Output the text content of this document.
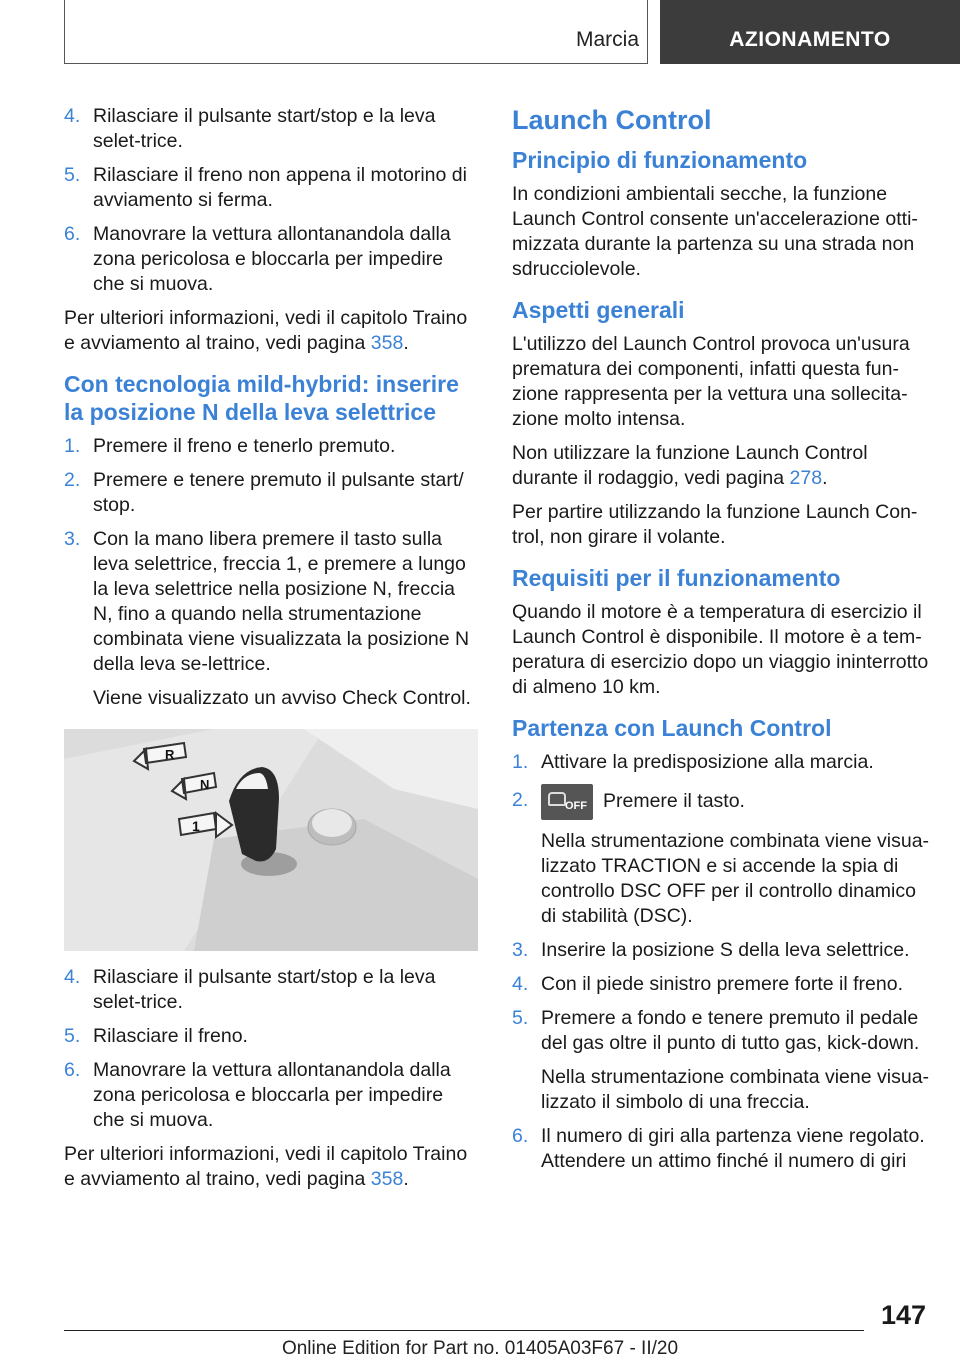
Marcia	AZIONAMENTO
4. Rilasciare il pulsante start/stop e la leva selet‐trice.
5. Rilasciare il freno non appena il motorino di avviamento si ferma.
6. Manovrare la vettura allontanandola dalla zona pericolosa e bloccarla per impedire che si muova.

Per ulteriori informazioni, vedi il capitolo Traino e avviamento al traino, vedi pagina 358.

Con tecnologia mild-hybrid: inserire la posizione N della leva selettrice
1. Premere il freno e tenerlo premuto.
2. Premere e tenere premuto il pulsante start/ stop.
3. Con la mano libera premere il tasto sulla leva selettrice, freccia 1, e premere a lungo la leva selettrice nella posizione N, freccia N, fino a quando nella strumentazione combinata viene visualizzata la posizione N della leva se‐lettrice.
Viene visualizzato un avviso Check Control.
R
N
1
4. Rilasciare il pulsante start/stop e la leva selet‐trice.
5. Rilasciare il freno.
6. Manovrare la vettura allontanandola dalla zona pericolosa e bloccarla per impedire che si muova.

Per ulteriori informazioni, vedi il capitolo Traino e avviamento al traino, vedi pagina 358.

Launch Control
Principio di funzionamento

In condizioni ambientali secche, la funzione Launch Control consente un'accelerazione otti‐mizzata durante la partenza su una strada non sdrucciolevole.

Aspetti generali

L'utilizzo del Launch Control provoca un'usura prematura dei componenti, infatti questa fun‐zione rappresenta per la vettura una sollecita‐zione molto intensa.

Non utilizzare la funzione Launch Control durante il rodaggio, vedi pagina 278.

Per partire utilizzando la funzione Launch Con‐trol, non girare il volante.

Requisiti per il funzionamento

Quando il motore è a temperatura di esercizio il Launch Control è disponibile. Il motore è a tem‐peratura di esercizio dopo un viaggio ininterrotto di almeno 10 km.

Partenza con Launch Control
1. Attivare la predisposizione alla marcia.
2.	OFF Premere il tasto.
Nella strumentazione combinata viene visua‐lizzato TRACTION e si accende la spia di controllo DSC OFF per il controllo dinamico di stabilità (DSC).
3. Inserire la posizione S della leva selettrice.
4. Con il piede sinistro premere forte il freno.
5. Premere a fondo e tenere premuto il pedale del gas oltre il punto di tutto gas, kick-down.
Nella strumentazione combinata viene visua‐lizzato il simbolo di una freccia.
6. Il numero di giri alla partenza viene regolato. Attendere un attimo finché il numero di giri
147
Online Edition for Part no. 01405A03F67 - II/20
